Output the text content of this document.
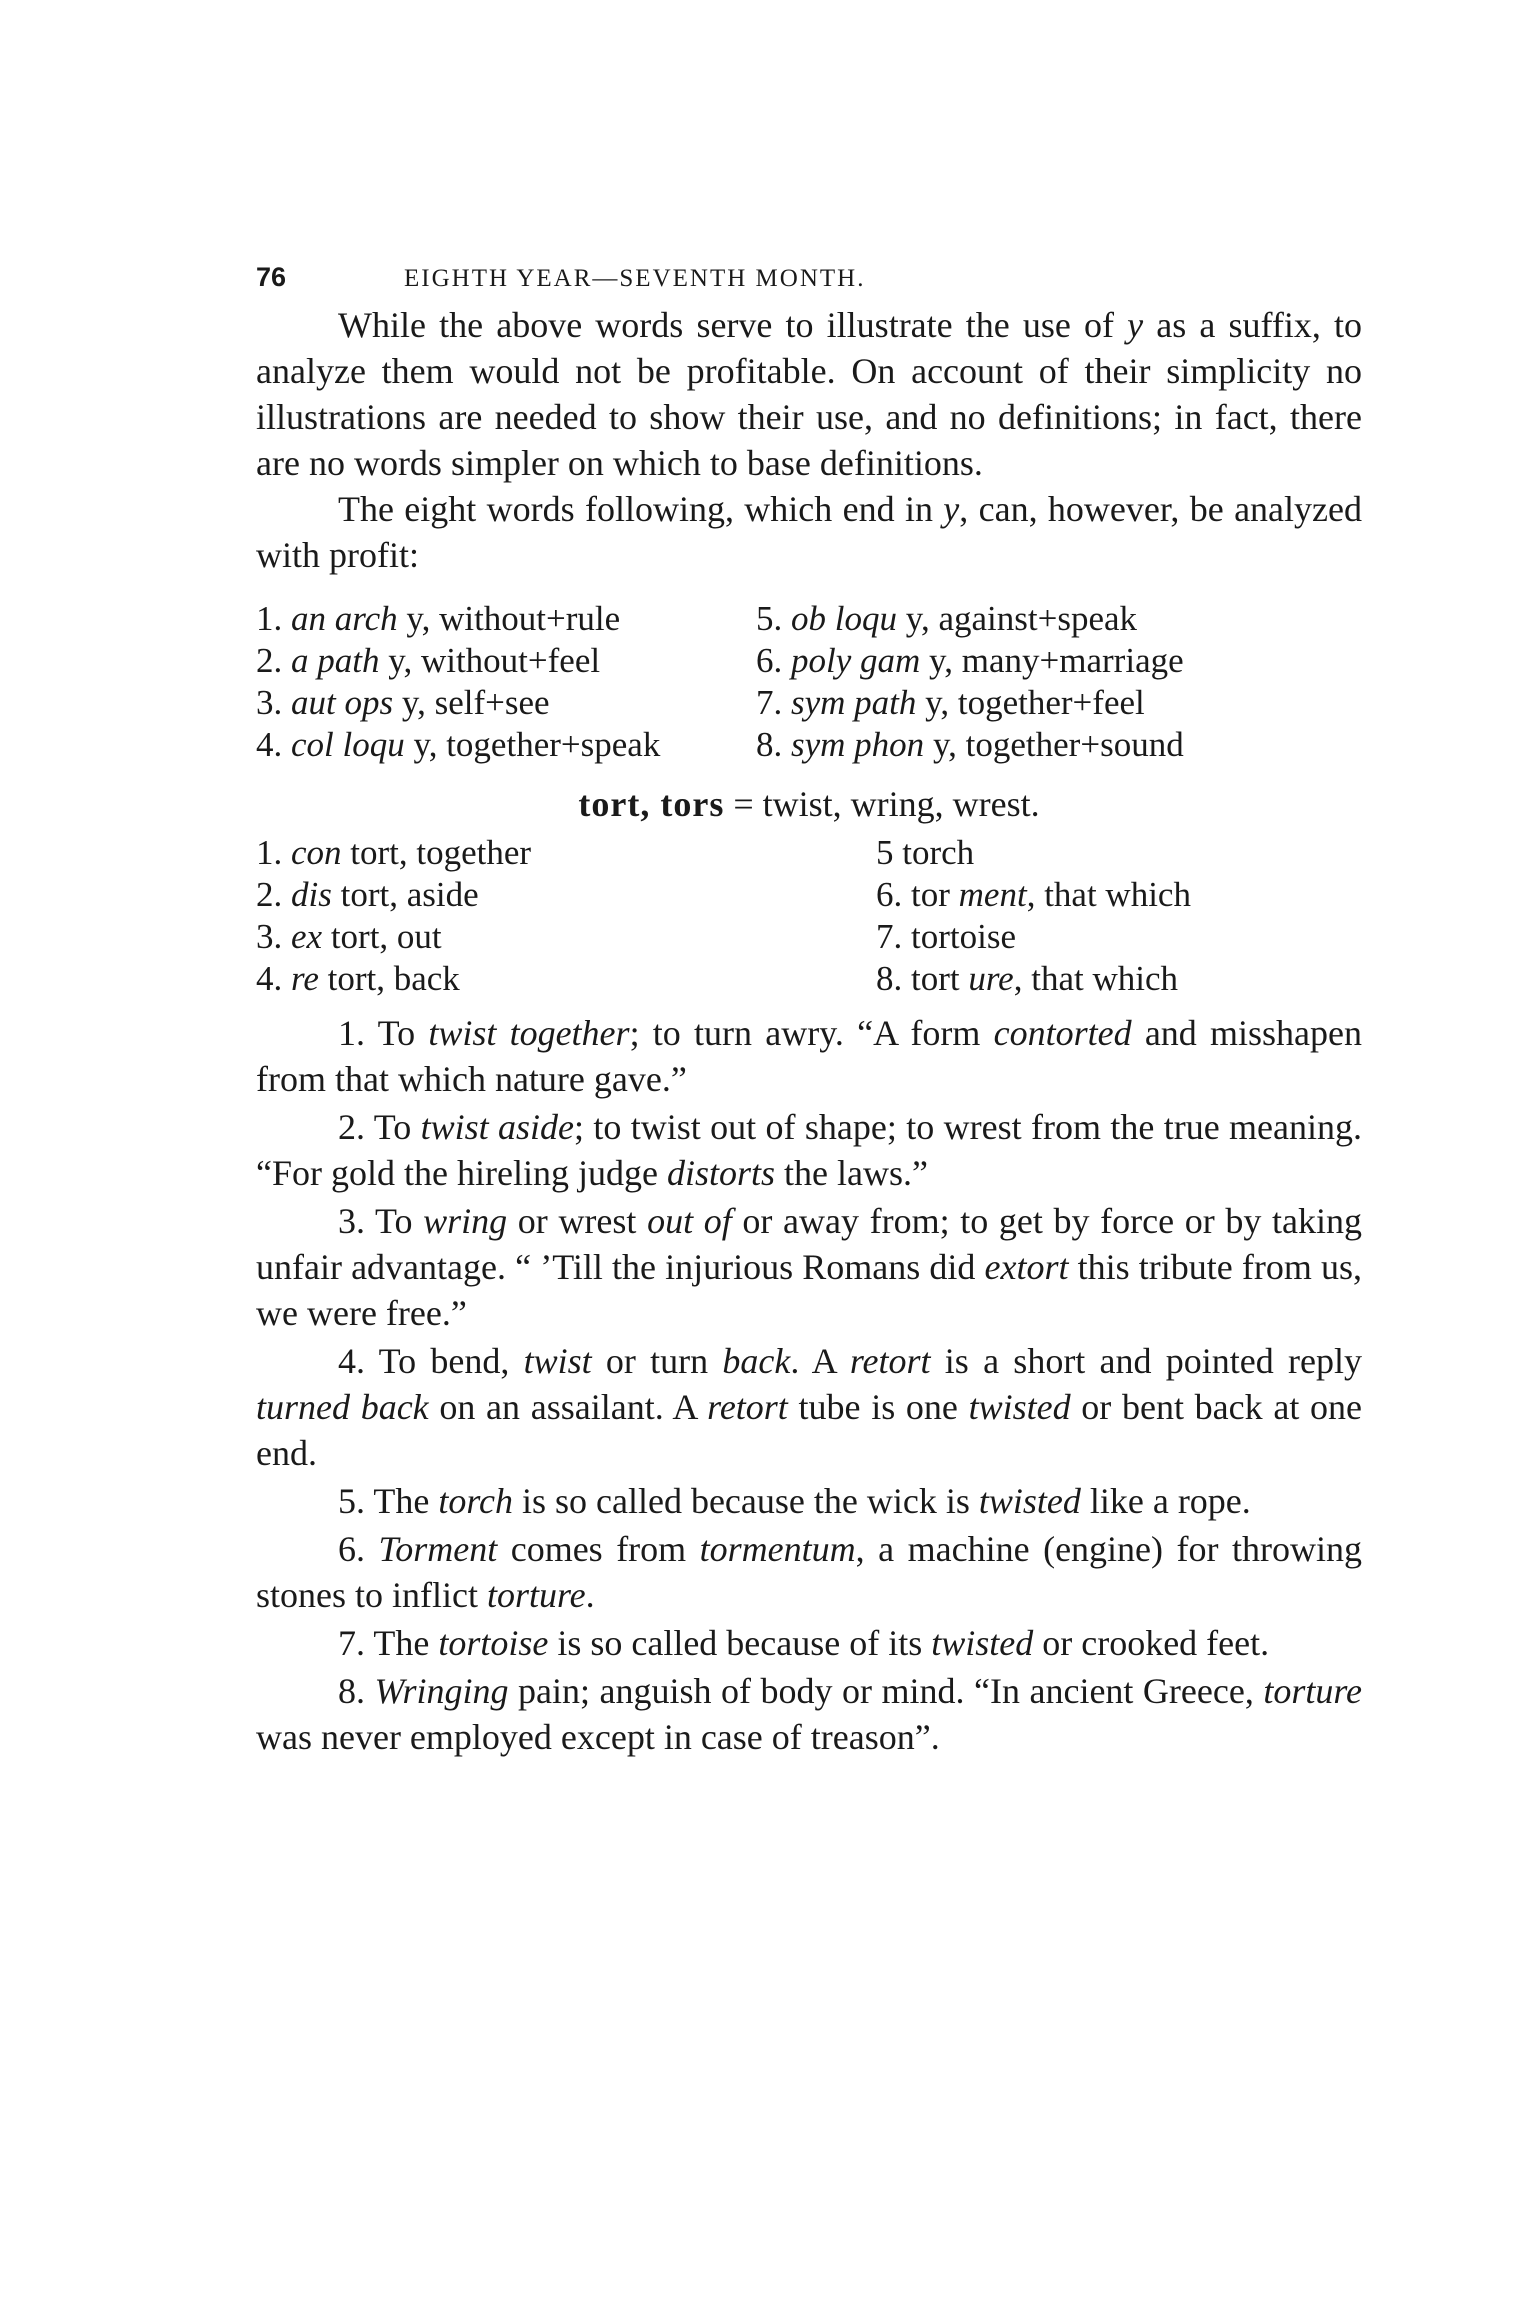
76	EIGHTH YEAR—SEVENTH MONTH.

While the above words serve to illustrate the use of y as a suffix, to analyze them would not be profitable. On account of their simplicity no illustrations are needed to show their use, and no definitions; in fact, there are no words simpler on which to base definitions.

The eight words following, which end in y, can, however, be analyzed with profit:

1. an arch y, without+rule	5. ob loqu y, against+speak
2. a path y, without+feel	6. poly gam y, many+marriage
3. aut ops y, self+see	7. sym path y, together+feel
4. col loqu y, together+speak	8. sym phon y, together+sound
tort, tors = twist, wring, wrest.
1. con tort, together	5 torch
2. dis tort, aside	6. tor ment, that which
3. ex tort, out	7. tortoise
4. re tort, back	8. tort ure, that which

1. To twist together; to turn awry. “A form contorted and misshapen from that which nature gave.”

2. To twist aside; to twist out of shape; to wrest from the true meaning. “For gold the hireling judge distorts the laws.”

3. To wring or wrest out of or away from; to get by force or by taking unfair advantage. “ ’Till the injurious Romans did extort this tribute from us, we were free.”

4. To bend, twist or turn back. A retort is a short and pointed reply turned back on an assailant. A retort tube is one twisted or bent back at one end.

5. The torch is so called because the wick is twisted like a rope.

6. Torment comes from tormentum, a machine (engine) for throwing stones to inflict torture.

7. The tortoise is so called because of its twisted or crooked feet.

8. Wringing pain; anguish of body or mind. “In ancient Greece, torture was never employed except in case of treason”.
